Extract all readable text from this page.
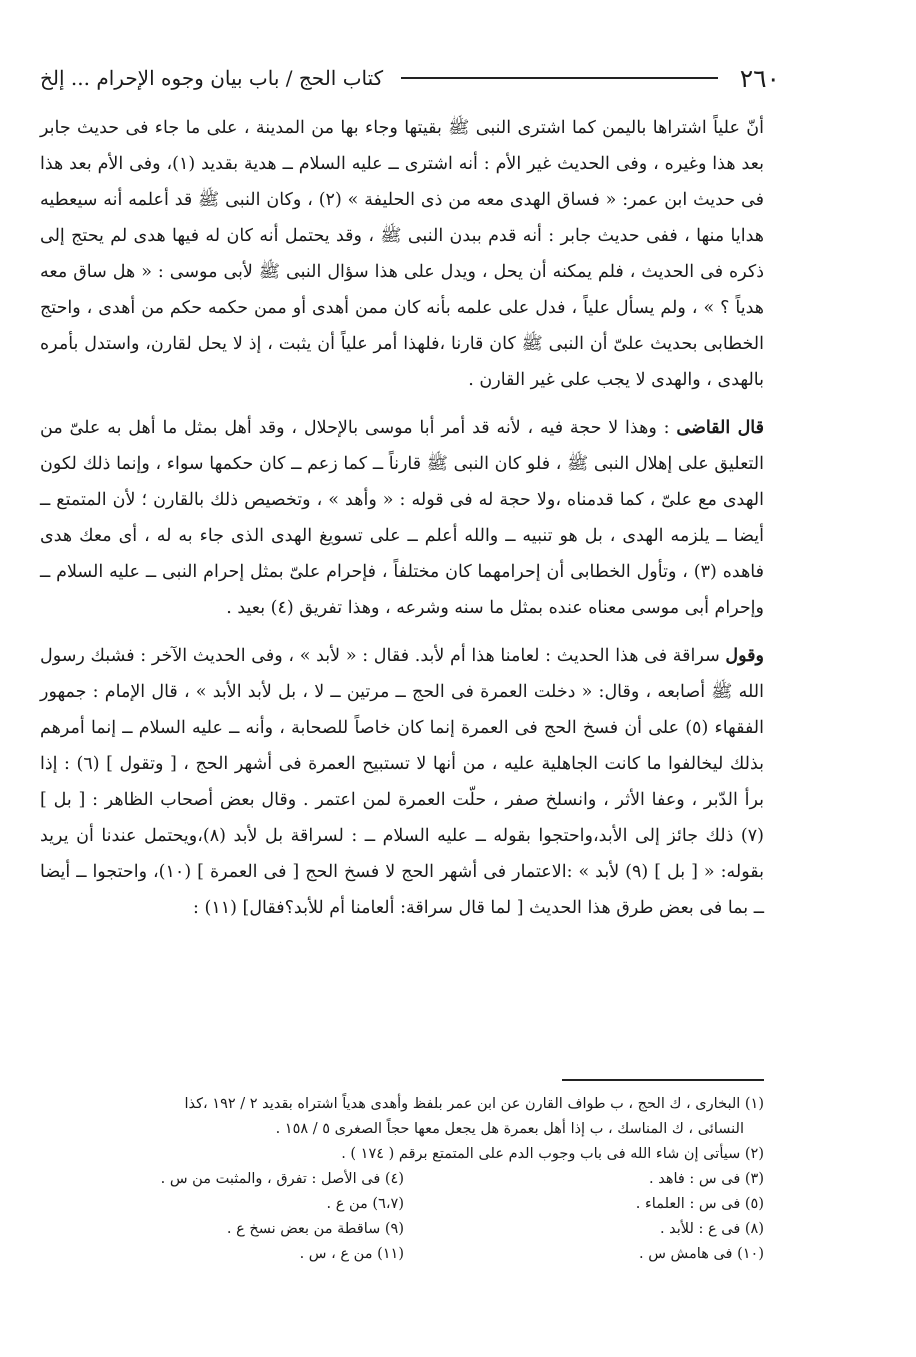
٢٦٠
كتاب الحج / باب بيان وجوه الإحرام ... إلخ

أنّ علياً اشتراها باليمن كما اشترى النبى ﷺ بقيتها وجاء بها من المدينة ، على ما جاء فى حديث جابر بعد هذا وغيره ، وفى الحديث غير الأم : أنه اشترى ــ عليه السلام ــ هدية بقديد (١)، وفى الأم بعد هذا فى حديث ابن عمر: « فساق الهدى معه من ذى الحليفة » (٢) ، وكان النبى ﷺ قد أعلمه أنه سيعطيه هدايا منها ، ففى حديث جابر : أنه قدم ببدن النبى ﷺ ، وقد يحتمل أنه كان له فيها هدى لم يحتج إلى ذكره فى الحديث ، فلم يمكنه أن يحل ، ويدل على هذا سؤال النبى ﷺ لأبى موسى : « هل ساق معه هدياً ؟ » ، ولم يسأل علياً ، فدل على علمه بأنه كان ممن أهدى أو ممن حكمه حكم من أهدى ، واحتج الخطابى بحديث علىّ أن النبى ﷺ كان قارنا ،فلهذا أمر علياً أن يثبت ، إذ لا يحل لقارن، واستدل بأمره بالهدى ، والهدى لا يجب على غير القارن .

قال القاضى : وهذا لا حجة فيه ، لأنه قد أمر أبا موسى بالإحلال ، وقد أهل بمثل ما أهل به علىّ من التعليق على إهلال النبى ﷺ ، فلو كان النبى ﷺ قارناً ــ كما زعم ــ كان حكمها سواء ، وإنما ذلك لكون الهدى مع علىّ ، كما قدمناه ،ولا حجة له فى قوله : « وأهد » ، وتخصيص ذلك بالقارن ؛ لأن المتمتع ــ أيضا ــ يلزمه الهدى ، بل هو تنبيه ــ والله أعلم ــ على تسويغ الهدى الذى جاء به له ، أى معك هدى فاهده (٣) ، وتأول الخطابى أن إحرامهما كان مختلفاً ، فإحرام علىّ بمثل إحرام النبى ــ عليه السلام ــ وإحرام أبى موسى معناه عنده بمثل ما سنه وشرعه ، وهذا تفريق (٤) بعيد .

وقول سراقة فى هذا الحديث : لعامنا هذا أم لأبد. فقال : « لأبد » ، وفى الحديث الآخر : فشبك رسول الله ﷺ أصابعه ، وقال: « دخلت العمرة فى الحج ــ مرتين ــ لا ، بل لأبد الأبد » ، قال الإمام : جمهور الفقهاء (٥) على أن فسخ الحج فى العمرة إنما كان خاصاً للصحابة ، وأنه ــ عليه السلام ــ إنما أمرهم بذلك ليخالفوا ما كانت الجاهلية عليه ، من أنها لا تستبيح العمرة فى أشهر الحج ، [ وتقول ] (٦) : إذا برأ الدّبر ، وعفا الأثر ، وانسلخ صفر ، حلّت العمرة لمن اعتمر . وقال بعض أصحاب الظاهر : [ بل ] (٧) ذلك جائز إلى الأبد،واحتجوا بقوله ــ عليه السلام ــ : لسراقة بل لأبد (٨)،ويحتمل عندنا أن يريد بقوله: « [ بل ] (٩) لأبد » :الاعتمار فى أشهر الحج لا فسخ الحج [ فى العمرة ] (١٠)، واحتجوا ــ أيضا ــ بما فى بعض طرق هذا الحديث [ لما قال سراقة: ألعامنا أم للأبد؟فقال] (١١) :

(١) البخارى ، ك الحج ، ب طواف القارن عن ابن عمر بلفظ وأهدى هدياً اشتراه بقديد ٢ / ١٩٢ ،كذا
النسائى ، ك المناسك ، ب إذا أهل بعمرة هل يجعل معها حجاً الصغرى ٥ / ١٥٨ .
(٢) سيأتى إن شاء الله فى باب وجوب الدم على المتمتع برقم ( ١٧٤ ) .
(٣) فى س : فاهد .
(٤) فى الأصل : تفرق ، والمثبت من س .
(٥) فى س : العلماء .
(٦،٧) من ع .
(٨) فى ع : للأبد .
(٩) ساقطة من بعض نسخ ع .
(١٠) فى هامش س .
(١١) من ع ، س .
